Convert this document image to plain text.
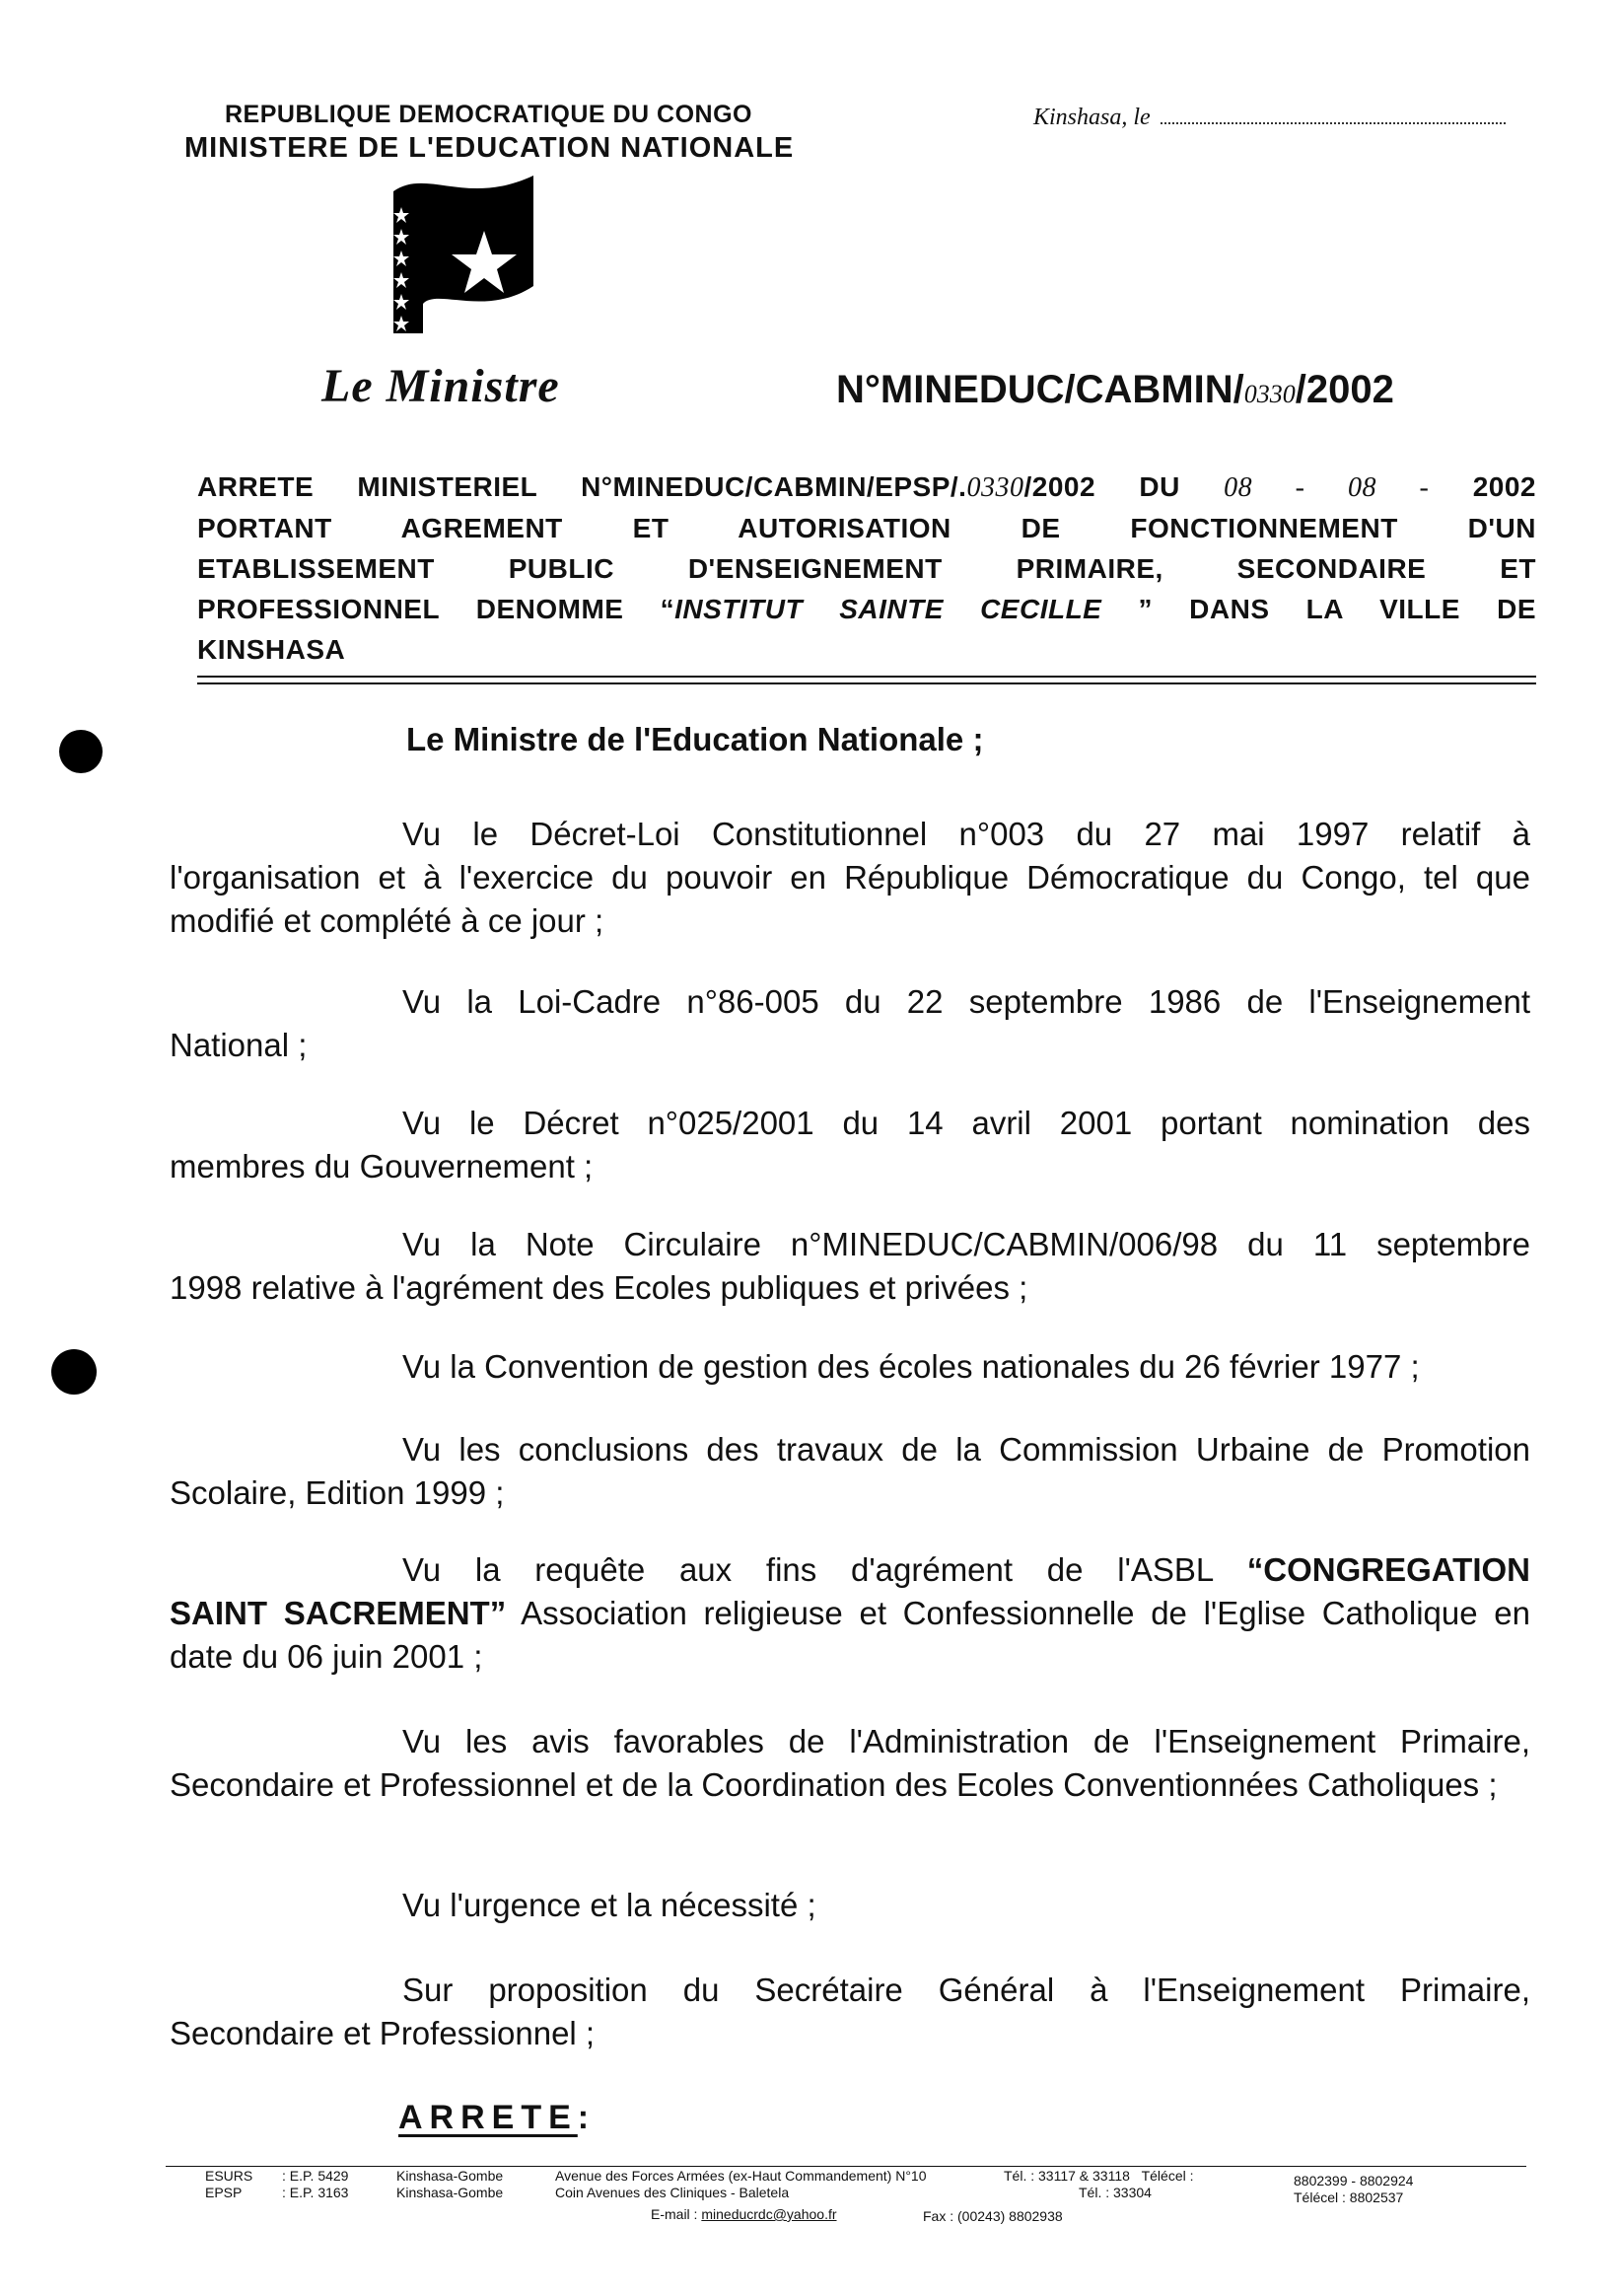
REPUBLIQUE DEMOCRATIQUE DU CONGO
MINISTERE DE L'EDUCATION NATIONALE
Kinshasa, le
Le Ministre	N°MINEDUC/CABMIN/0330/2002
ARRETE MINISTERIEL N°MINEDUC/CABMIN/EPSP/.0330/2002 DU 08 - 08 - 2002
PORTANT AGREMENT ET AUTORISATION DE FONCTIONNEMENT D'UN
ETABLISSEMENT PUBLIC D'ENSEIGNEMENT PRIMAIRE, SECONDAIRE ET
PROFESSIONNEL DENOMME “INSTITUT SAINTE CECILLE ” DANS LA VILLE DE
KINSHASA
Le Ministre de l'Education Nationale ;
Vu le Décret-Loi Constitutionnel n°003 du 27 mai 1997 relatif à
l'organisation et à l'exercice du pouvoir en République Démocratique du Congo, tel que modifié et complété à ce jour ;
Vu la Loi-Cadre n°86-005 du 22 septembre 1986 de l'Enseignement
National ;
Vu le Décret n°025/2001 du 14 avril 2001 portant nomination des
membres du Gouvernement ;
Vu la Note Circulaire n°MINEDUC/CABMIN/006/98 du 11 septembre
1998 relative à l'agrément des Ecoles publiques et privées ;
Vu la Convention de gestion des écoles nationales du 26 février 1977 ;
Vu les conclusions des travaux de la Commission Urbaine de Promotion
Scolaire, Edition 1999 ;
Vu la requête aux fins d'agrément de l'ASBL “CONGREGATION
SAINT SACREMENT” Association religieuse et Confessionnelle de l'Eglise Catholique en date du 06 juin 2001 ;
Vu les avis favorables de l'Administration de l'Enseignement Primaire,
Secondaire et Professionnel et de la Coordination des Ecoles Conventionnées Catholiques ;
Vu l'urgence et la nécessité ;
Sur proposition du Secrétaire Général à l'Enseignement Primaire,
Secondaire et Professionnel ;
ARRETE:
ESURS
EPSP
: E.P. 5429
: E.P. 3163
Kinshasa-Gombe
Kinshasa-Gombe
Avenue des Forces Armées (ex-Haut Commandement) N°10
Coin Avenues des Cliniques - Baletela
E-mail : mineducrdc@yahoo.fr
Tél. : 33117 & 33118 Télécel :
Tél. : 33304
Fax : (00243) 8802938
8802399 - 8802924
Télécel : 8802537
